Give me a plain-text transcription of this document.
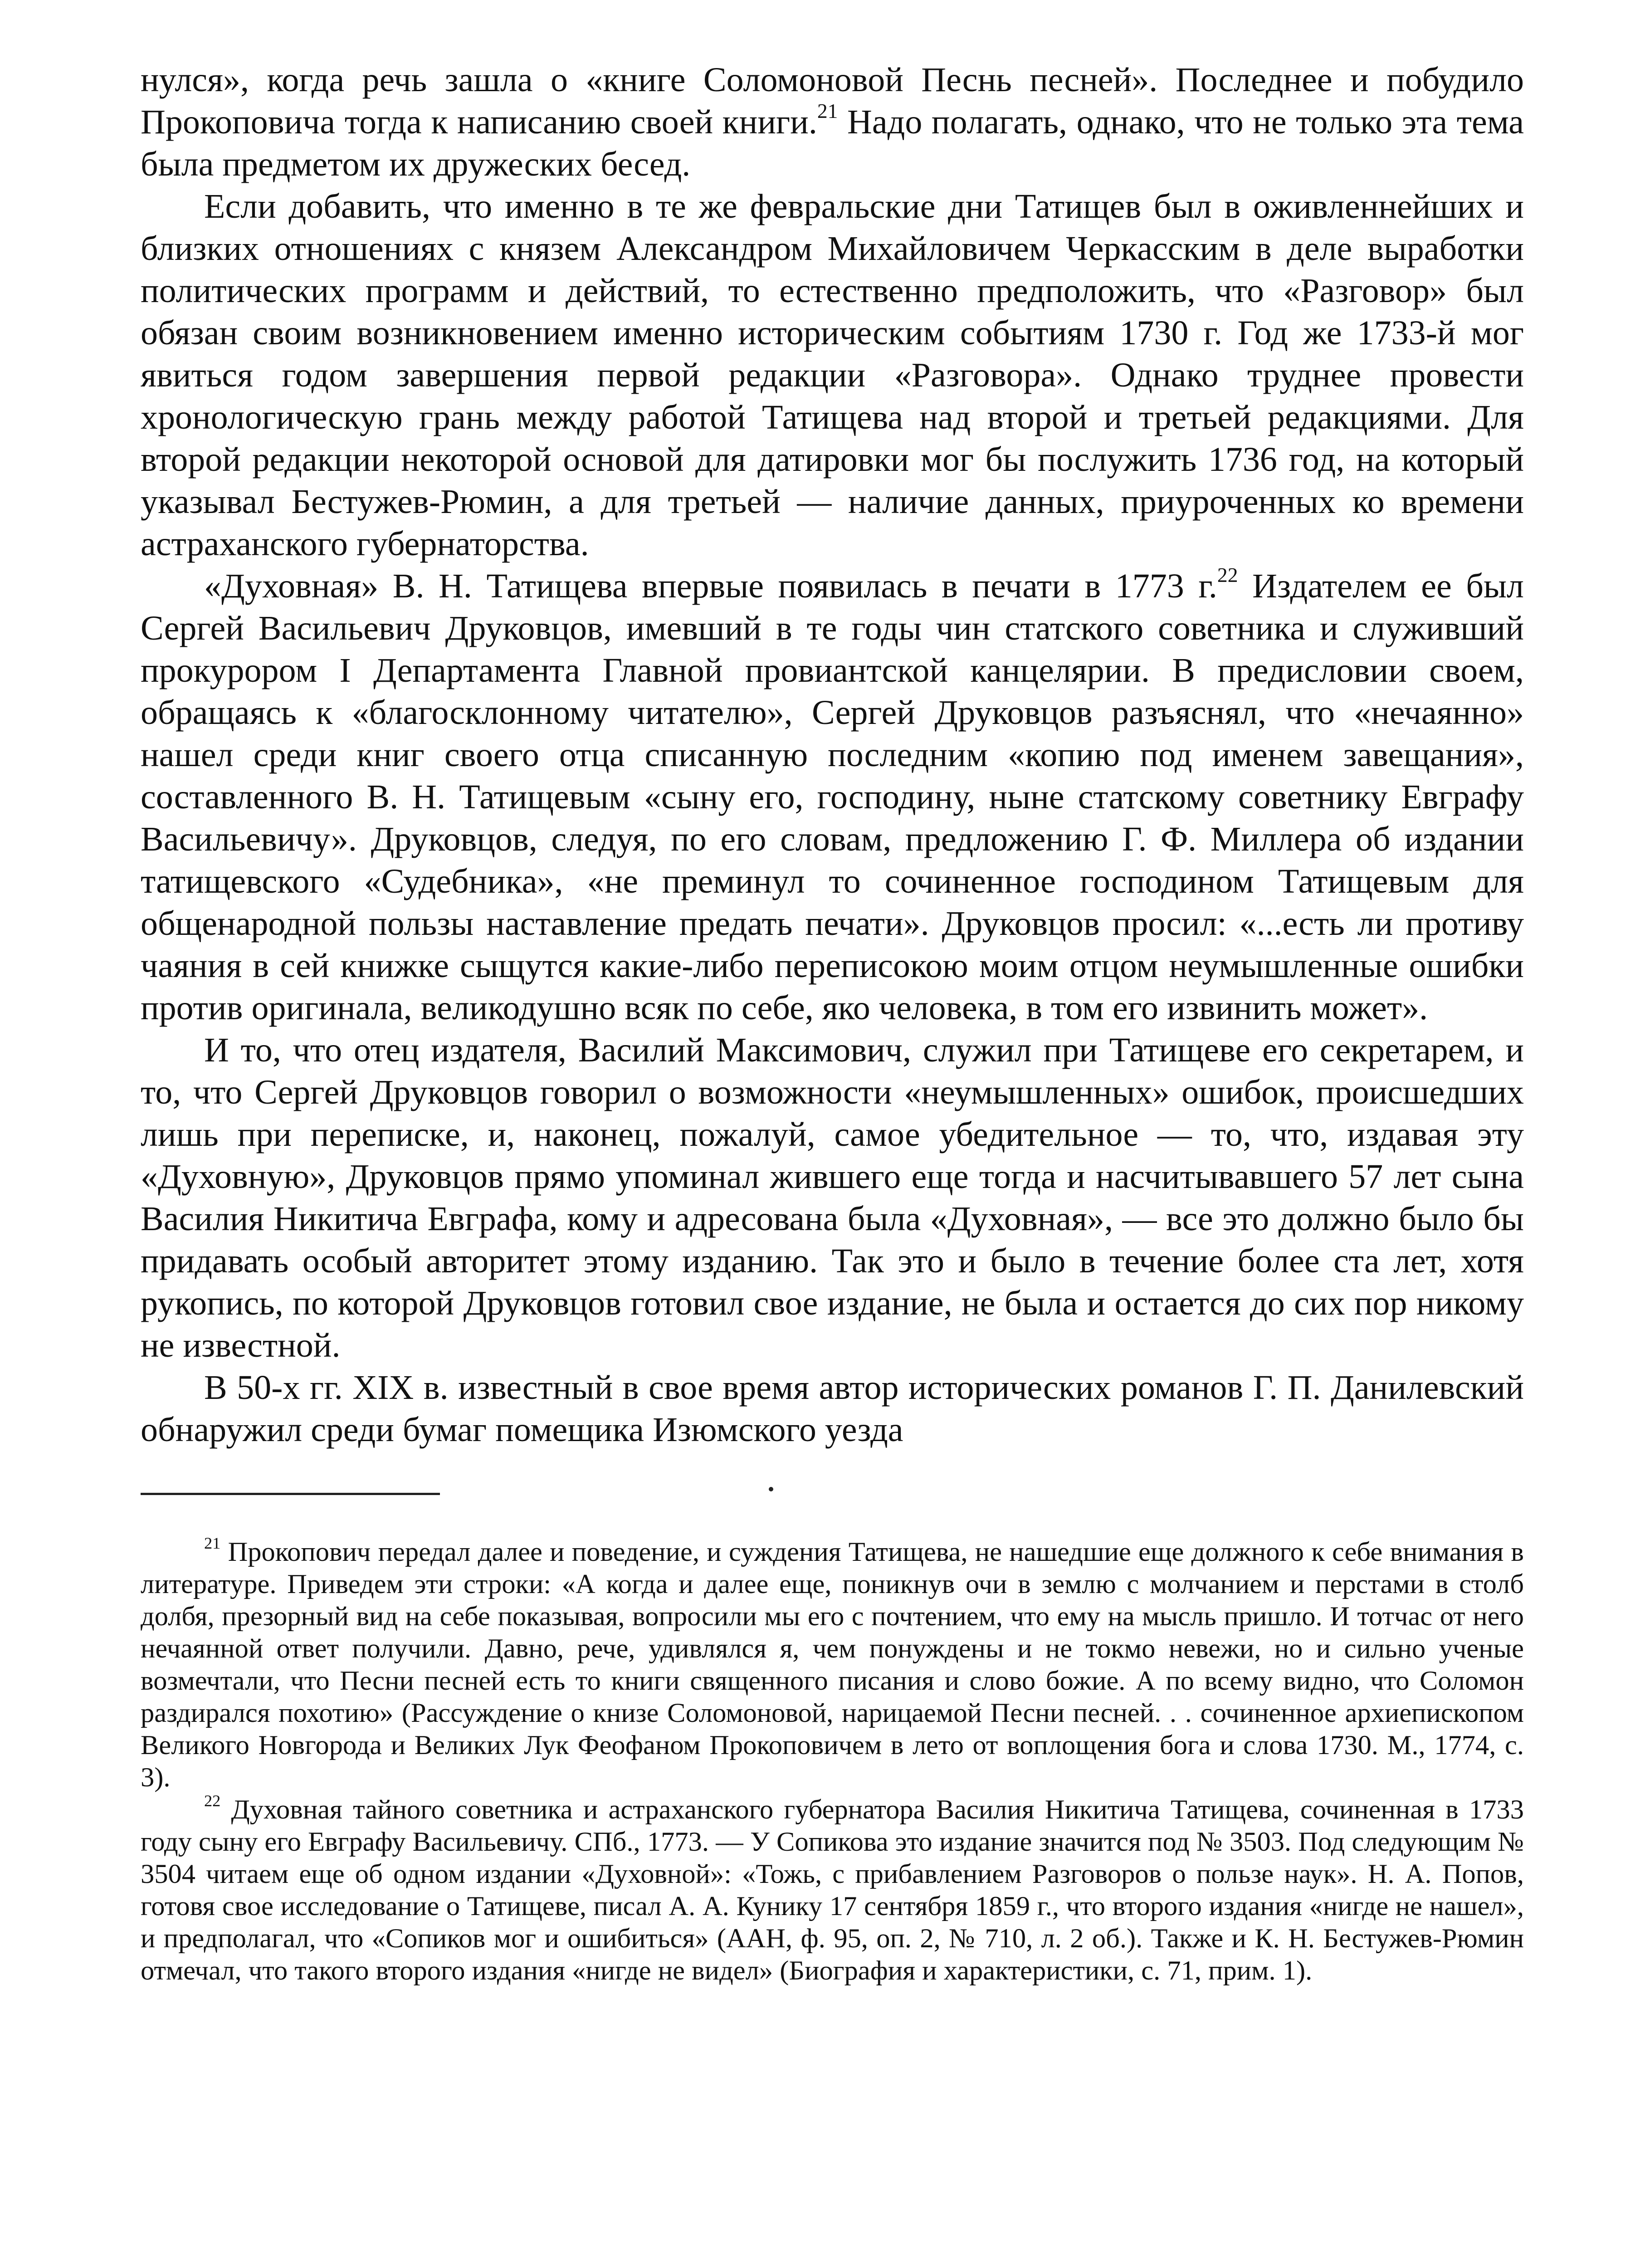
нулся», когда речь зашла о «книге Соломоновой Песнь песней». Последнее и побудило Прокоповича тогда к написанию своей книги.$^{21}$ Надо полагать, однако, что не только эта тема была предметом их дружеских бесед.

Если добавить, что именно в те же февральские дни Татищев был в оживленнейших и близких отношениях с князем Александром Михайловичем Черкасским в деле выработки политических программ и действий, то естественно предположить, что «Разговор» был обязан своим возникновением именно историческим событиям 1730 г. Год же 1733-й мог явиться годом завершения первой редакции «Разговора». Однако труднее провести хронологическую грань между работой Татищева над второй и третьей редакциями. Для второй редакции некоторой основой для датировки мог бы послужить 1736 год, на который указывал Бестужев-Рюмин, а для третьей — наличие данных, приуроченных ко времени астраханского губернаторства.

«Духовная» В. Н. Татищева впервые появилась в печати в 1773 г.$^{22}$ Издателем ее был Сергей Васильевич Друковцов, имевший в те годы чин статского советника и служивший прокурором I Департамента Главной провиантской канцелярии. В предисловии своем, обращаясь к «благосклонному читателю», Сергей Друковцов разъяснял, что «нечаянно» нашел среди книг своего отца списанную последним «копию под именем завещания», составленного В. Н. Татищевым «сыну его, господину, ныне статскому советнику Евграфу Васильевичу». Друковцов, следуя, по его словам, предложению Г. Ф. Миллера об издании татищевского «Судебника», «не преминул то сочиненное господином Татищевым для общенародной пользы наставление предать печати». Друковцов просил: «...есть ли противу чаяния в сей книжке сыщутся какие-либо переписокою моим отцом неумышленные ошибки против оригинала, великодушно всяк по себе, яко человека, в том его извинить может».

И то, что отец издателя, Василий Максимович, служил при Татищеве его секретарем, и то, что Сергей Друковцов говорил о возможности «неумышленных» ошибок, происшедших лишь при переписке, и, наконец, пожалуй, самое убедительное — то, что, издавая эту «Духовную», Друковцов прямо упоминал жившего еще тогда и насчитывавшего 57 лет сына Василия Никитича Евграфа, кому и адресована была «Духовная», — все это должно было бы придавать особый авторитет этому изданию. Так это и было в течение более ста лет, хотя рукопись, по которой Друковцов готовил свое издание, не была и остается до сих пор никому не известной.

В 50-х гг. XIX в. известный в свое время автор исторических романов Г. П. Данилевский обнаружил среди бумаг помещика Изюмского уезда

$^{21}$ Прокопович передал далее и поведение, и суждения Татищева, не нашедшие еще должного к себе внимания в литературе. Приведем эти строки: «А когда и далее еще, поникнув очи в землю с молчанием и перстами в столб долбя, презорный вид на себе показывая, вопросили мы его с почтением, что ему на мысль пришло. И тотчас от него нечаянной ответ получили. Давно, рече, удивлялся я, чем понуждены и не токмо невежи, но и сильно ученые возмечтали, что Песни песней есть то книги священного писания и слово божие. А по всему видно, что Соломон раздирался похотию» (Рассуждение о книзе Соломоновой, нарицаемой Песни песней. . . сочиненное архиепископом Великого Новгорода и Великих Лук Феофаном Прокоповичем в лето от воплощения бога и слова 1730. М., 1774, с. 3).

$^{22}$ Духовная тайного советника и астраханского губернатора Василия Никитича Татищева, сочиненная в 1733 году сыну его Евграфу Васильевичу. СПб., 1773. — У Сопикова это издание значится под № 3503. Под следующим № 3504 читаем еще об одном издании «Духовной»: «Тожь, с прибавлением Разговоров о пользе наук». Н. А. Попов, готовя свое исследование о Татищеве, писал А. А. Кунику 17 сентября 1859 г., что второго издания «нигде не нашел», и предполагал, что «Сопиков мог и ошибиться» (ААН, ф. 95, оп. 2, № 710, л. 2 об.). Также и К. Н. Бестужев-Рюмин отмечал, что такого второго издания «нигде не видел» (Биография и характеристики, с. 71, прим. 1).
